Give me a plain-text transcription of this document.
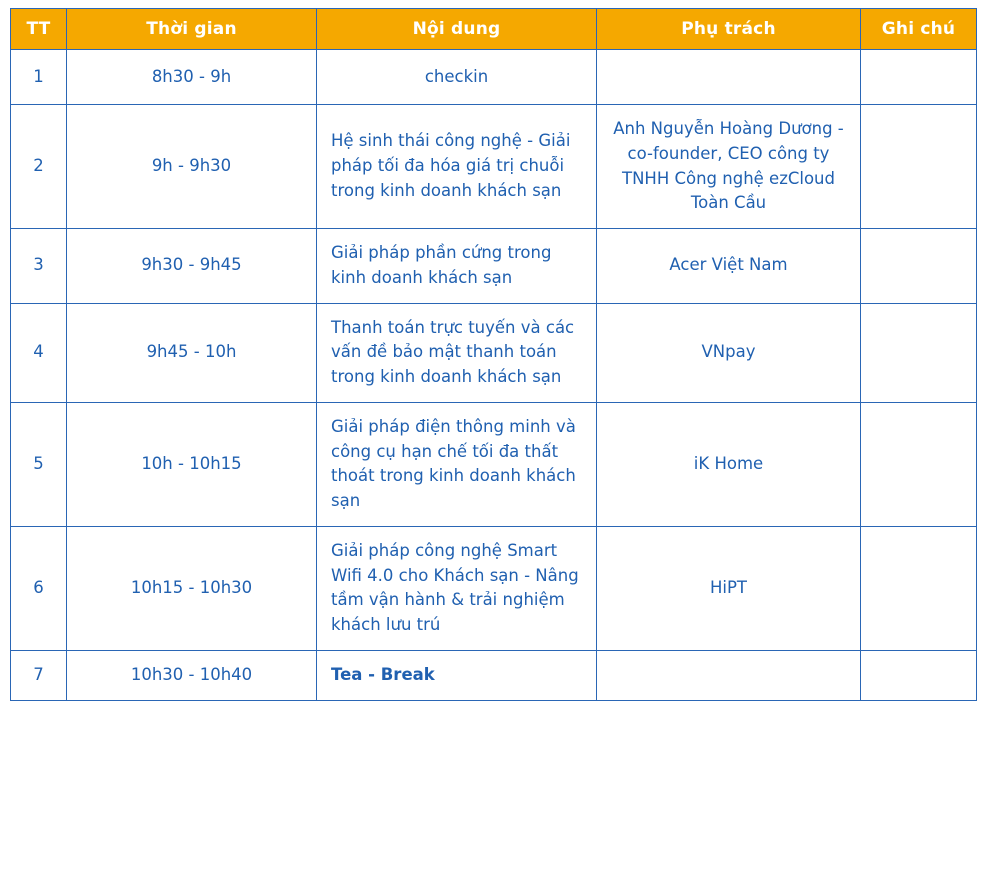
TT	Thời gian	Nội dung	Phụ trách	Ghi chú
1	8h30 - 9h	checkin		
2	9h - 9h30	Hệ sinh thái công nghệ - Giải pháp tối đa hóa giá trị chuỗi trong kinh doanh khách sạn	Anh Nguyễn Hoàng Dương - co-founder, CEO công ty TNHH Công nghệ ezCloud Toàn Cầu	
3	9h30 - 9h45	Giải pháp phần cứng trong kinh doanh khách sạn	Acer Việt Nam	
4	9h45 - 10h	Thanh toán trực tuyến và các vấn đề bảo mật thanh toán trong kinh doanh khách sạn	VNpay	
5	10h - 10h15	Giải pháp điện thông minh và công cụ hạn chế tối đa thất thoát trong kinh doanh khách sạn	iK Home	
6	10h15 - 10h30	Giải pháp công nghệ Smart Wifi 4.0 cho Khách sạn - Nâng tầm vận hành & trải nghiệm khách lưu trú	HiPT	
7	10h30 - 10h40	Tea - Break		
